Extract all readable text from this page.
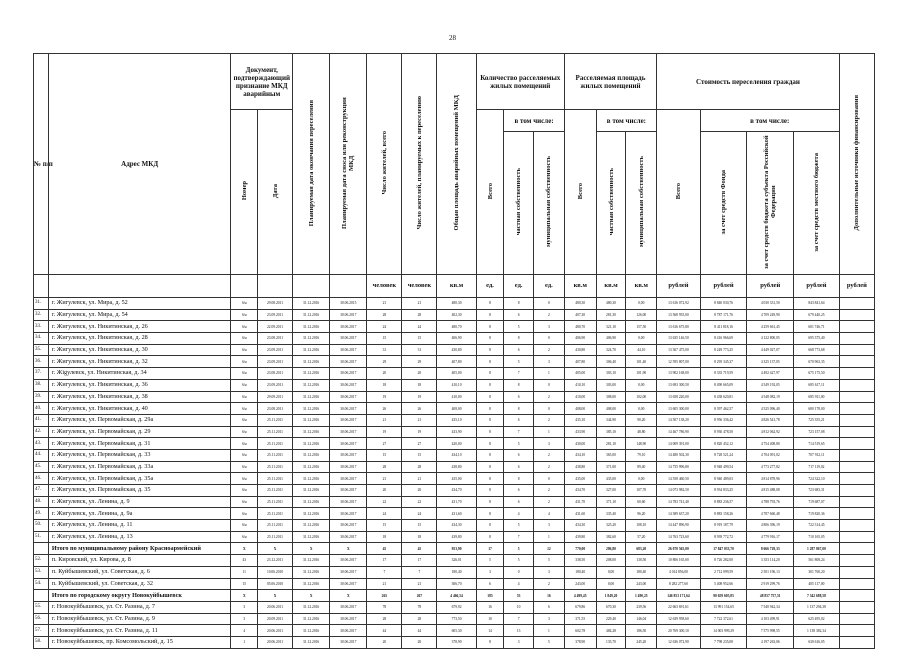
28
№ п/п	Адрес МКД	Документ, подтверждающий признание МКД аварийным		Планируемая дата окончания переселения	Планируемая дата сноса или реконструкции МКД	Число жителей, всего	Число жителей, планируемых к переселению	Общая площадь аварийных помещений МКД	Количество расселяемых жилых помещений			Расселяемая площадь жилых помещений			Стоимость переселения граждан				Дополнительные источники финансирования
		Номер	Дата						Всего	в том числе:		Всего	в том числе:		Всего	в том числе:			
										частная собственность	муниципальная собственность		частная собственность	муниципальная собственность		за счет средств Фонда	за счет средств бюджета субъекта Российской Федерации	за счет средств местного бюджета	
						человек	человек	кв.м	ед.	ед.	ед.	кв.м	кв.м	кв.м	рублей	рублей	рублей	рублей	рублей
31.	г. Жигулевск, ул. Мира, д. 52	б/н	29.08.2011	31.12.2016	30.06.2015	21	21	480,30	8	8	0	480,30	480,30	0,00	13 616 072,92	8 840 030,76	4 030 331,50	843 841,64	
32.	г. Жигулевск, ул. Мира, д. 54	б/н	23.09.2011	31.12.2016	30.06.2017	28	28	402,30	8	6	2	407,30	281,30	126,00	13 568 935,00	8 787 171,76	4 709 249,90	679 440,25	
33.	г. Жигулевск, ул. Никитинская, д. 26	б/н	22.09.2011	31.12.2016	30.06.2017	24	24	480,70	8	5	3	480,70	321,10	157,50	13 616 675,80	8 411 818,16	4 259 661,45	601 746,71	
34.	г. Жигулевск, ул. Никитинская, д. 28	б/н	23.08.2011	31.12.2016	30.06.2017	15	15	406,90	8	8	0	406,90	406,90	0,00	13 635 146,50	8 416 966,69	4 122 800,05	695 375,40	
35.	г. Жигулевск, ул. Никитинская, д. 30	б/н	23.09.2011	31.12.2016	30.06.2017	31	31	430,80	8	6	2	430,80	324,70	44,10	13 367 475,00	8 249 773,25	4 449 027,07	668 773,68	
36.	г. Жигулевск, ул. Никитинская, д. 32	б/н	23.09.2011	31.12.2016	30.06.2017	29	29	407,80	8	5	3	407,80	306,40	101,40	12 595 807,00	8 295 345,37	4 325 137,05	670 963,35	
37.	г. Жigулевск, ул. Никитинская, д. 34	б/н	23.08.2011	31.12.2016	30.06.2017	20	20	405,00	8	7	1	405,00	303,10	101,90	13 902 168,00	8 335 719,59	4 492 427,97	675 175,50	
38.	г. Жигулевск, ул. Никитинская, д. 36	б/н	23.09.2011	31.12.2016	30.06.2017	18	18	410,10	8	8	0	410,10	303,00	0,00	13 693 300,50	8 490 665,09	4 549 192,05	685 617,11	
39.	г. Жигулевск, ул. Никитинская, д. 38	б/н	29.09.2011	31.12.2016	30.06.2017	19	19	410,00	8	6	2	410,00	308,00	102,00	13 658 220,00	8 438 620,81	4 548 082,19	685 911,00	
40.	г. Жигулевск, ул. Никитинская, д. 40	б/н	23.08.2011	31.12.2016	30.06.2017	26	26	408,00	8	8	0	408,00	408,00	0,00	13 605 300,00	8 397 462,57	4 525 096,40	680 178,00	
41.	г. Жигулевск, ул. Первомайская, д. 29а	б/н	25.11.2011	31.12.2016	30.06.2017	21	21	435,10	8	6	2	435,10	344,90	90,20	14 507 138,20	8 956 336,42	4 826 541,78	725 355,21	
42.	г. Жигулевск, ул. Первомайская, д. 29	б/н	25.11.2011	31.12.2016	30.06.2017	19	19	433,90	8	7	1	433,90	385,10	48,80	14 467 786,90	8 930 478,50	4 812 062,92	723 157,08	
43.	г. Жигулевск, ул. Первомайская, д. 31	б/н	25.11.2011	31.12.2016	30.06.2017	27	27	420,00	8	5	3	430,00	281,10	148,90	14 009 391,00	8 820 452,12	4 754 408,80	714 519,65	
44.	г. Жигулевск, ул. Первомайская, д. 33	б/н	25.11.2011	31.12.2016	30.06.2017	15	15	434,10	8	6	2	434,10	365,00	79,10	14 480 502,30	8 728 521,24	4 704 091,02	707 912,11	
45.	г. Жигулевск, ул. Первомайская, д. 33а	б/н	25.11.2011	31.12.2016	30.06.2017	28	28	438,80	8	6	2	438,80	371,00	89,40	14 755 996,80	8 948 499,54	4 773 277,82	717 119,02	
46.	г. Жигулевск, ул. Первомайская, д. 35а	б/н	25.11.2011	31.12.2016	30.06.2017	21	21	435,00	8	8	0	435,00	435,00	0,00	14 558 460,50	8 940 489,03	4 814 878,96	724 322,10	
47.	г. Жигулевск, ул. Первомайская, д. 35	б/н	25.11.2011	31.12.2016	30.06.2017	20	20	434,70	8	6	2	434,70	327,00	107,70	14 073 982,50	8 934 833,25	4 815 488,08	723 683,31	
48.	г. Жигулевск, ул. Ленина, д. 9	б/н	25.11.2011	31.12.2016	30.06.2017	22	22	431,70	8	6	2	431,70	371,10	60,60	14 783 741,40	8 883 236,57	4 788 793,76	719 687,07	
49.	г. Жигулевск, ул. Ленина, д. 9а	б/н	25.11.2011	31.12.2016	30.06.2017	24	24	431,60	8	4	4	431,60	335,40	96,20	14 389 637,20	8 883 158,26	4 787 660,48	719 820,36	
50.	г. Жигулевск, ул. Ленина, д. 11	б/н	25.11.2011	31.12.2016	30.06.2017	15	15	434,30	8	5	3	434,30	325,20	108,10	14 447 896,90	8 919 187,79	4 806 396,19	722 314,45	
51.	г. Жигулевск, ул. Ленина, д. 13	б/н	25.11.2011	31.12.2016	30.06.2017	18	18	439,80	8	7	1	439,80	382,60	57,20	14 763 723,60	8 939 772,72	4 779 916,17	710 165,05	
	Итого по муниципальному району Красноармейский	X	X	X	X	45	45	953,90	17	5	12	770,00	286,80	683,20	26 070 565,00	17 847 033,70	8 666 729,33	1 287 867,00	
52.	п. Кировский, ул. Кирова, д. 8	43	23.12.2011	31.12.2016	30.06.2017	17	17	326,01	5	5	5	338,50	208,00	130,50	10 806 165,00	8 726 282,00	3 353 114,20	561 808,24	
53.	п. Куйбышевский, ул. Советская, д. 6	11	10.06.2010	31.12.2016	30.06.2017	7	7	180,40	3	0	3	180,40	0,00	180,40	4 014 856,00	2 712 099,59	2 501 196,13	301 760,20	
54.	п. Куйбышевский, ул. Советская, д. 32	15	05.06.2010	31.12.2016	30.06.2017	21	21	306,70	6	4	2	243,00	0,00	243,00	8 282 277,60	5 408 952,66	2 919 299,76	405 117,00	
	Итого по городскому округу Новокуйбышевск	X	X	X	X	265	267	4 466,54	185	53	16	4 499,45	1 849,20	1 490,25	146 853 171,64	90 659 605,85	48 857 757,51	7 342 688,58	
55.	г. Новокуйбышевск, ул. Ст. Разина, д. 7	3	20.06.2011	31.12.2016	30.06.2017	78	78	679,92	16	10	6	679,86	670,30	239,56	22 663 691,61	13 991 154,65	7 540 942,34	1 137 294,38	
56.	г. Новокуйбышевск, ул. Ст. Разина, д. 9	3	20.09.2011	31.12.2016	30.06.2017	28	28	773,50	10	7	3	371,55	229,40	146,04	12 639 958,60	7 722 372,61	4 103 499,91	625 495,02	
57.	г. Новокуйбышевск, ул. Ст. Разина, д. 11	4	20.06.2011	31.12.2016	30.06.2017	44	44	605,30	14	13	1	602,78	484,28	186,50	20 769 300,10	14 003 999,29	7 575 998,55	1 138 382,34	
58.	г. Новокуйбышевск, пр. Комсомольский, д. 15	1	20.06.2011	31.12.2016	30.06.2017	20	20	378,90	8	3	5	378,90	133,70	245,20	12 636 072,90	7 798 235,08	4 197 263,06	630 616,05	
